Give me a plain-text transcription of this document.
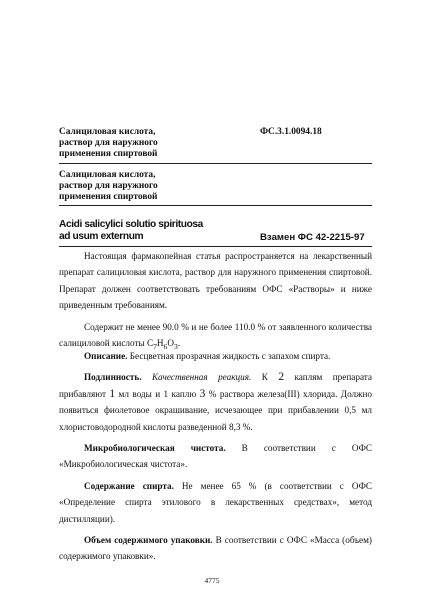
Салициловая кислота,
раствор для наружного
применения спиртовой
ФС.3.1.0094.18
Салициловая кислота,
раствор для наружного
применения спиртовой
Acidi salicylici solutio spirituosa
ad usum externum	Взамен ФС 42-2215-97

Настоящая фармакопейная статья распространяется на лекарственный препарат салициловая кислота, раствор для наружного применения спиртовой. Препарат должен соответствовать требованиям ОФС «Растворы» и ниже приведенным требованиям.

Содержит не менее 90.0 % и не более 110.0 % от заявленного количества салициловой кислоты $C_7H_6O_3$.

Описание. Бесцветная прозрачная жидкость с запахом спирта.

Подлинность. Качественная реакция. К 2 каплям препарата прибавляют 1 мл воды и 1 каплю 3 % раствора железа(III) хлорида. Должно появиться фиолетовое окрашивание, исчезающее при прибавлении 0,5 мл хлористоводородной кислоты разведенной 8,3 %.

Микробиологическая чистота. В соответствии с ОФС «Микробиологическая чистота».

Содержание спирта. Не менее 65 % (в соответствии с ОФС «Определение спирта этилового в лекарственных средствах», метод дистилляции).

Объем содержимого упаковки. В соответствии с ОФС «Масса (объем) содержимого упаковки».

4775
